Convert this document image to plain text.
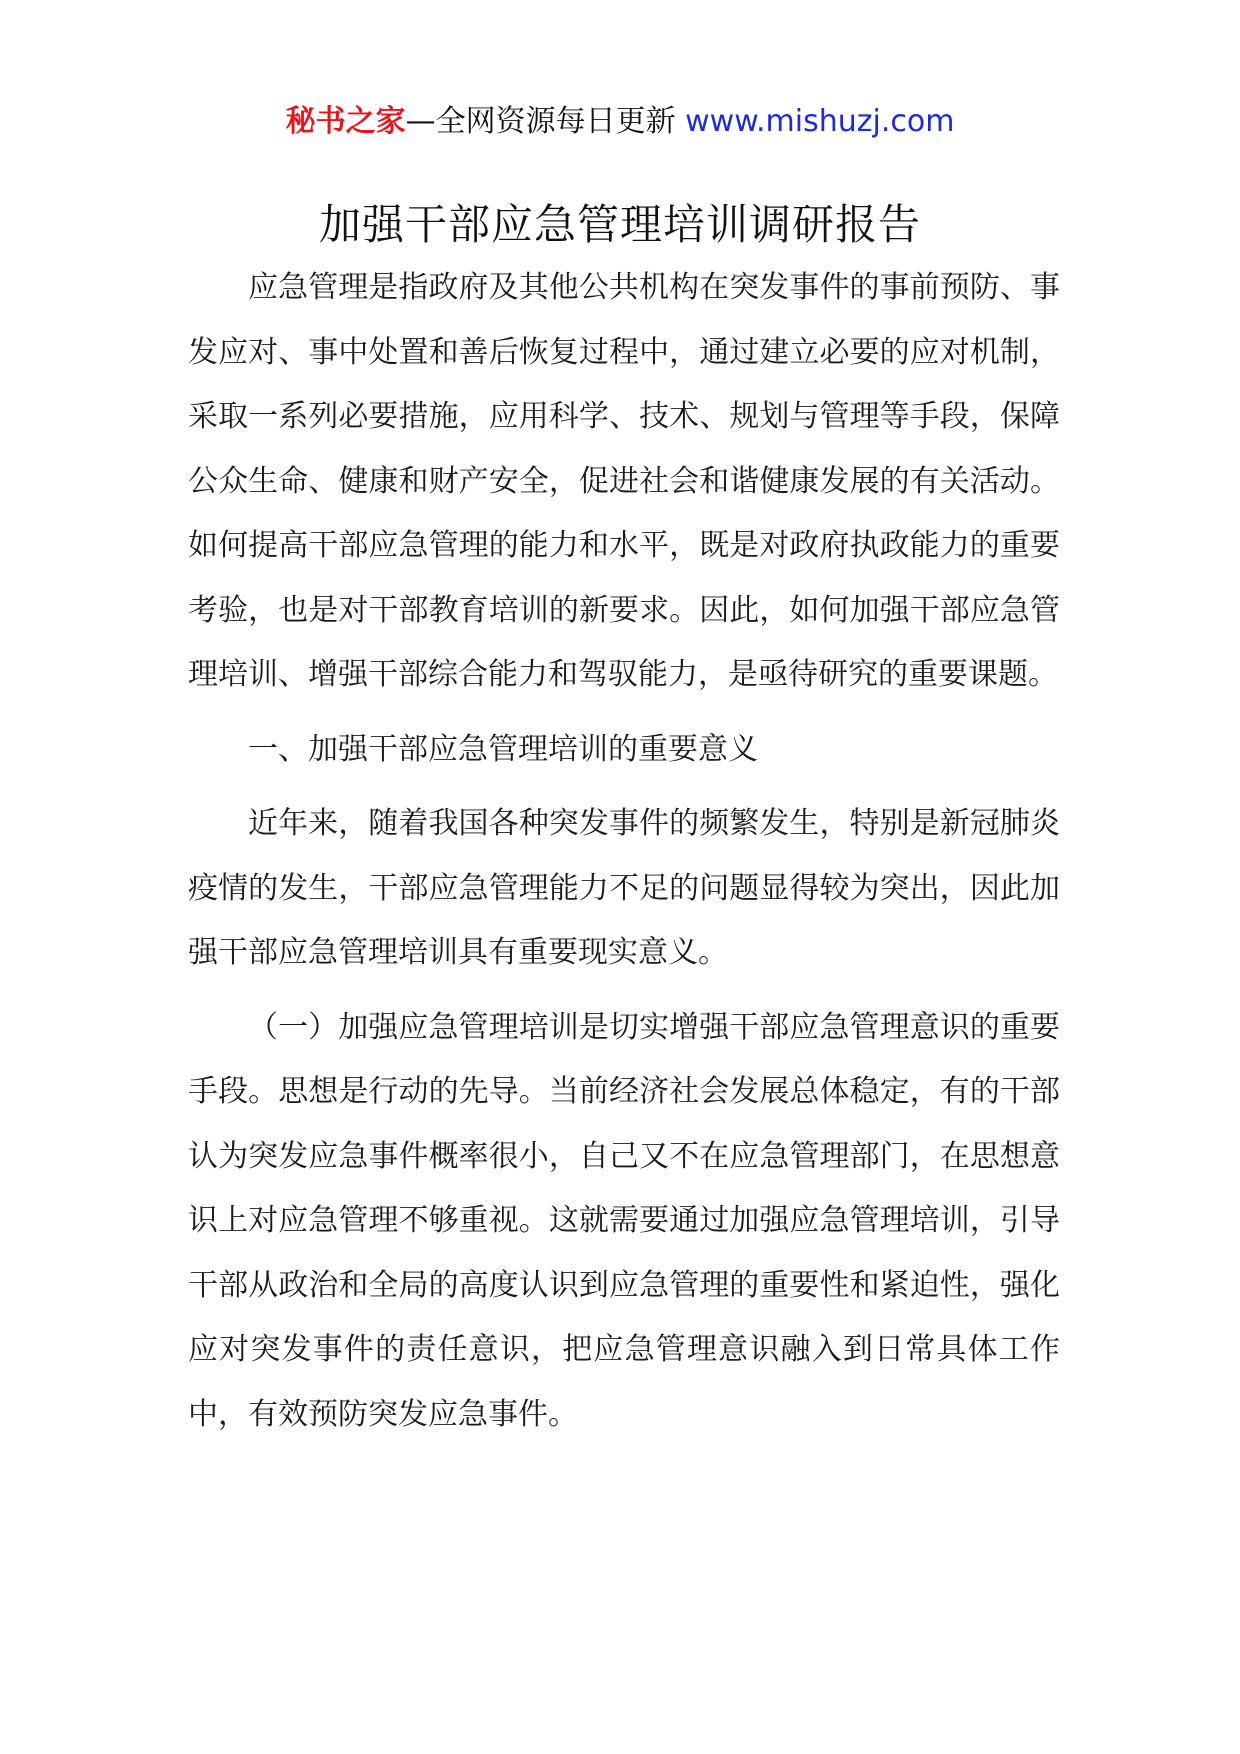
秘书之家—全网资源每日更新 www.mishuzj.com
加强干部应急管理培训调研报告

应急管理是指政府及其他公共机构在突发事件的事前预防、事发应对、事中处置和善后恢复过程中，通过建立必要的应对机制，采取一系列必要措施，应用科学、技术、规划与管理等手段，保障公众生命、健康和财产安全，促进社会和谐健康发展的有关活动。如何提高干部应急管理的能力和水平，既是对政府执政能力的重要考验，也是对干部教育培训的新要求。因此，如何加强干部应急管理培训、增强干部综合能力和驾驭能力，是亟待研究的重要课题。

一、加强干部应急管理培训的重要意义

近年来，随着我国各种突发事件的频繁发生，特别是新冠肺炎疫情的发生，干部应急管理能力不足的问题显得较为突出，因此加强干部应急管理培训具有重要现实意义。

（一）加强应急管理培训是切实增强干部应急管理意识的重要手段。思想是行动的先导。当前经济社会发展总体稳定，有的干部认为突发应急事件概率很小，自己又不在应急管理部门，在思想意识上对应急管理不够重视。这就需要通过加强应急管理培训，引导干部从政治和全局的高度认识到应急管理的重要性和紧迫性，强化应对突发事件的责任意识，把应急管理意识融入到日常具体工作中，有效预防突发应急事件。
